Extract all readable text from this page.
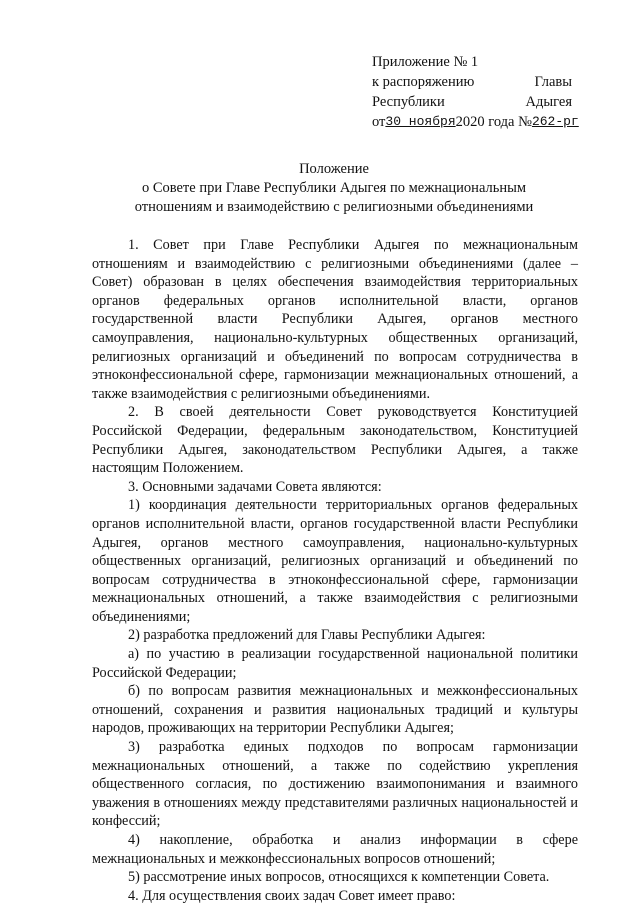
Приложение № 1
к распоряжению	Главы
Республики	Адыгея
от 30 ноября 2020 года № 262-рг
Положение
о Совете при Главе Республики Адыгея по межнациональным
отношениям и взаимодействию с религиозными объединениями

1. Совет при Главе Республики Адыгея по межнациональным отношениям и взаимодействию с религиозными объединениями (далее – Совет) образован в целях обеспечения взаимодействия территориальных органов федеральных органов исполнительной власти, органов государственной власти Республики Адыгея, органов местного самоуправления, национально-культурных общественных организаций, религиозных организаций и объединений по вопросам сотрудничества в этноконфессиональной сфере, гармонизации межнациональных отношений, а также взаимодействия с религиозными объединениями.

2. В своей деятельности Совет руководствуется Конституцией Российской Федерации, федеральным законодательством, Конституцией Республики Адыгея, законодательством Республики Адыгея, а также настоящим Положением.

3. Основными задачами Совета являются:

1) координация деятельности территориальных органов федеральных органов исполнительной власти, органов государственной власти Республики Адыгея, органов местного самоуправления, национально-культурных общественных организаций, религиозных организаций и объединений по вопросам сотрудничества в этноконфессиональной сфере, гармонизации межнациональных отношений, а также взаимодействия с религиозными объединениями;

2) разработка предложений для Главы Республики Адыгея:

а) по участию в реализации государственной национальной политики Российской Федерации;

б) по вопросам развития межнациональных и межконфессиональных отношений, сохранения и развития национальных традиций и культуры народов, проживающих на территории Республики Адыгея;

3) разработка единых подходов по вопросам гармонизации межнациональных отношений, а также по содействию укрепления общественного согласия, по достижению взаимопонимания и взаимного уважения в отношениях между представителями различных национальностей и конфессий;

4) накопление, обработка и анализ информации в сфере межнациональных и межконфессиональных вопросов отношений;

5) рассмотрение иных вопросов, относящихся к компетенции Совета.

4. Для осуществления своих задач Совет имеет право:
